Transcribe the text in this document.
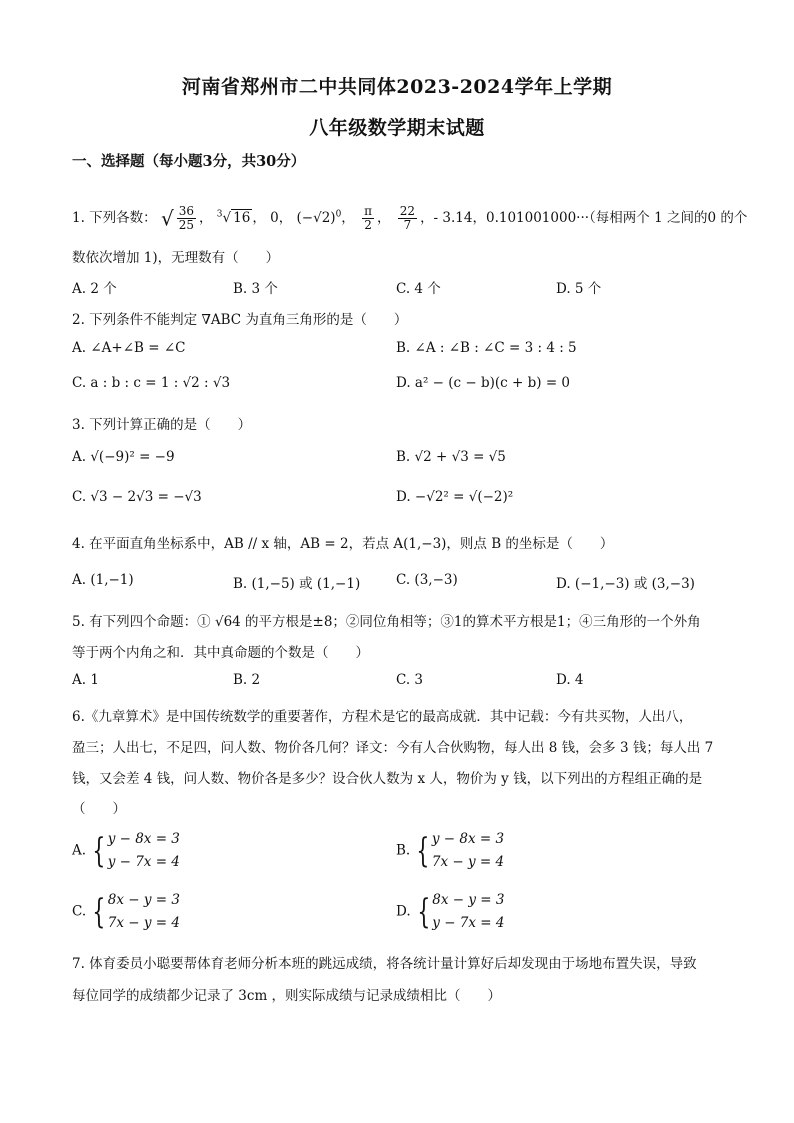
河南省郑州市二中共同体2023-2024学年上学期
八年级数学期末试题
一、选择题（每小题3分，共30分）
1. 下列各数： √ $\frac{36}{25}$ ， $^3$√ 16 ， 0， $(-√2)^0$， $\frac{\pi}{2}$ ， $\frac{22}{7}$ ，- 3.14，0.101001000···（每相两个 1 之间的0 的个
数依次增加 1)，无理数有（　　）
A. 2 个	B. 3 个	C. 4 个	D. 5 个
2. 下列条件不能判定 ∇ABC 为直角三角形的是（　　）
A. ∠A+∠B = ∠C	B. ∠A : ∠B : ∠C = 3 : 4 : 5
C. a : b : c = 1 : √2 : √3	D. a² − (c − b)(c + b) = 0
3. 下列计算正确的是（　　）
A. √(−9)² = −9	B. √2 + √3 = √5
C. √3 − 2√3 = −√3	D. −√2² = √(−2)²
4. 在平面直角坐标系中，AB // x 轴，AB = 2，若点 A(1,−3)，则点 B 的坐标是（　　）
A. (1,−1)	B. (1,−5) 或 (1,−1)	C. (3,−3)	D. (−1,−3) 或 (3,−3)
5. 有下列四个命题：① √64 的平方根是±8；②同位角相等；③1的算术平方根是1；④三角形的一个外角
等于两个内角之和．其中真命题的个数是（　　）
A. 1	B. 2	C. 3	D. 4
6.《九章算术》是中国传统数学的重要著作，方程术是它的最高成就．其中记载：今有共买物，人出八，
盈三；人出七，不足四，问人数、物价各几何？译文：今有人合伙购物，每人出 8 钱，会多 3 钱；每人出 7
钱，又会差 4 钱，问人数、物价各是多少？设合伙人数为 x 人，物价为 y 钱，以下列出的方程组正确的是
（　　）
A. { y − 8x = 3
y − 7x = 4
B. { y − 8x = 3
7x − y = 4
C. { 8x − y = 3
7x − y = 4
D. { 8x − y = 3
y − 7x = 4
7. 体育委员小聪要帮体育老师分析本班的跳远成绩，将各统计量计算好后却发现由于场地布置失误，导致
每位同学的成绩都少记录了 3cm ，则实际成绩与记录成绩相比（　　）
